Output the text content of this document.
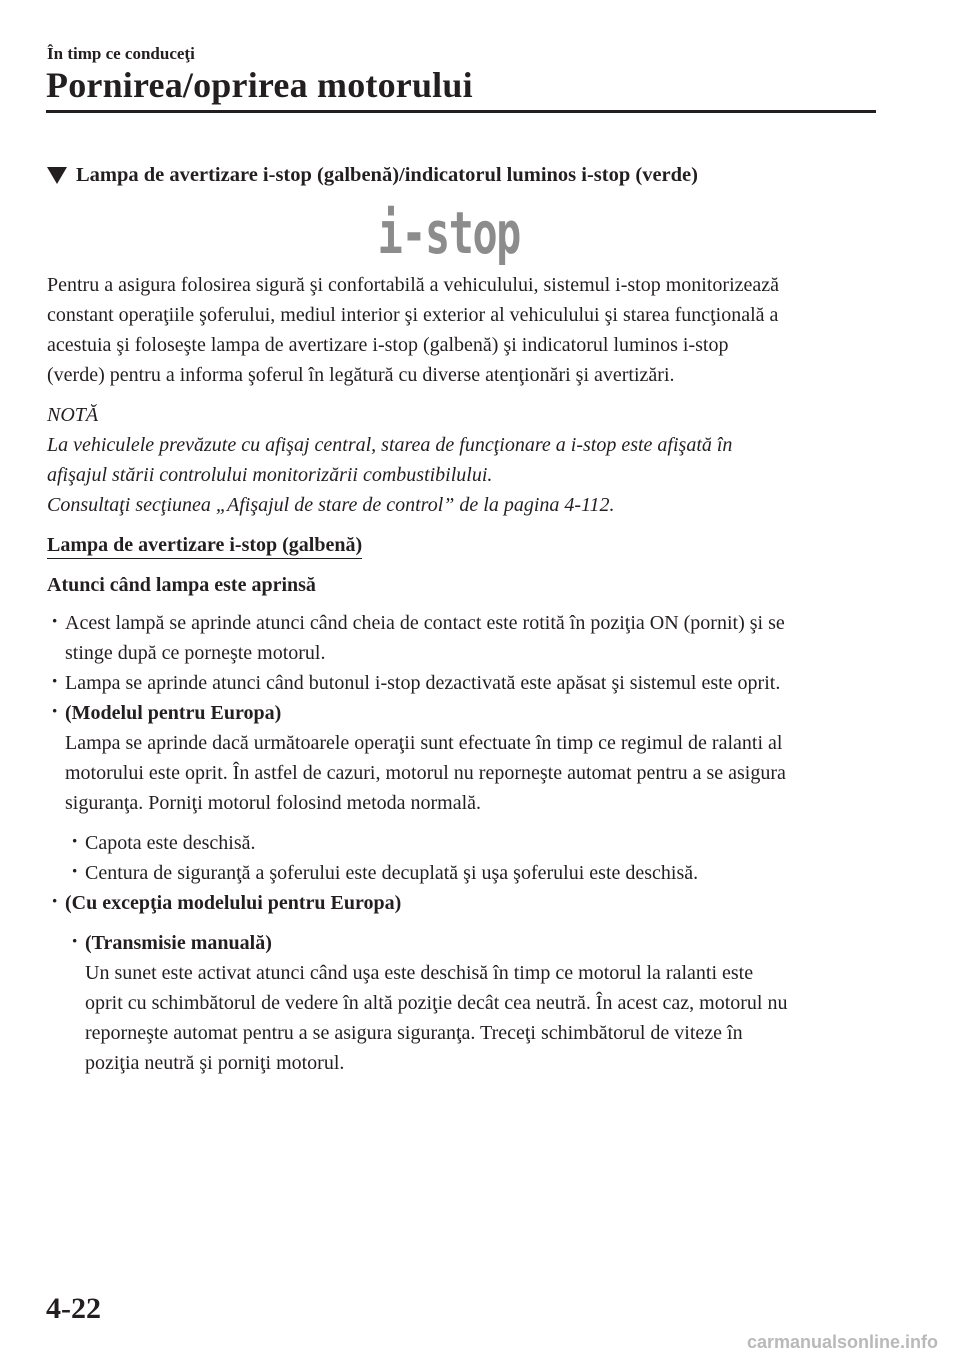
În timp ce conduceţi
Pornirea/oprirea motorului
Lampa de avertizare i-stop (galbenă)/indicatorul luminos i-stop (verde)
i-stop

Pentru a asigura folosirea sigură şi confortabilă a vehiculului, sistemul i-stop monitorizează

constant operaţiile şoferului, mediul interior şi exterior al vehiculului şi starea funcţională a

acestuia şi foloseşte lampa de avertizare i-stop (galbenă) şi indicatorul luminos i-stop

(verde) pentru a informa şoferul în legătură cu diverse atenţionări şi avertizări.

NOTĂ

La vehiculele prevăzute cu afişaj central, starea de funcţionare a i-stop este afişată în

afişajul stării controlului monitorizării combustibilului.

Consultaţi secţiunea „Afişajul de stare de control” de la pagina 4-112.

Lampa de avertizare i-stop (galbenă)

Atunci când lampa este aprinsă

· Acest lampă se aprinde atunci când cheia de contact este rotită în poziţia ON (pornit) şi se

stinge după ce porneşte motorul.

· Lampa se aprinde atunci când butonul i-stop dezactivată este apăsat şi sistemul este oprit.

· (Modelul pentru Europa)

Lampa se aprinde dacă următoarele operaţii sunt efectuate în timp ce regimul de ralanti al

motorului este oprit. În astfel de cazuri, motorul nu reporneşte automat pentru a se asigura

siguranţa. Porniţi motorul folosind metoda normală.

· Capota este deschisă.

· Centura de siguranţă a şoferului este decuplată şi uşa şoferului este deschisă.

· (Cu excepţia modelului pentru Europa)

· (Transmisie manuală)

Un sunet este activat atunci când uşa este deschisă în timp ce motorul la ralanti este

oprit cu schimbătorul de vedere în altă poziţie decât cea neutră. În acest caz, motorul nu

reporneşte automat pentru a se asigura siguranţa. Treceţi schimbătorul de viteze în

poziţia neutră şi porniţi motorul.

4-22
carmanualsonline.info
